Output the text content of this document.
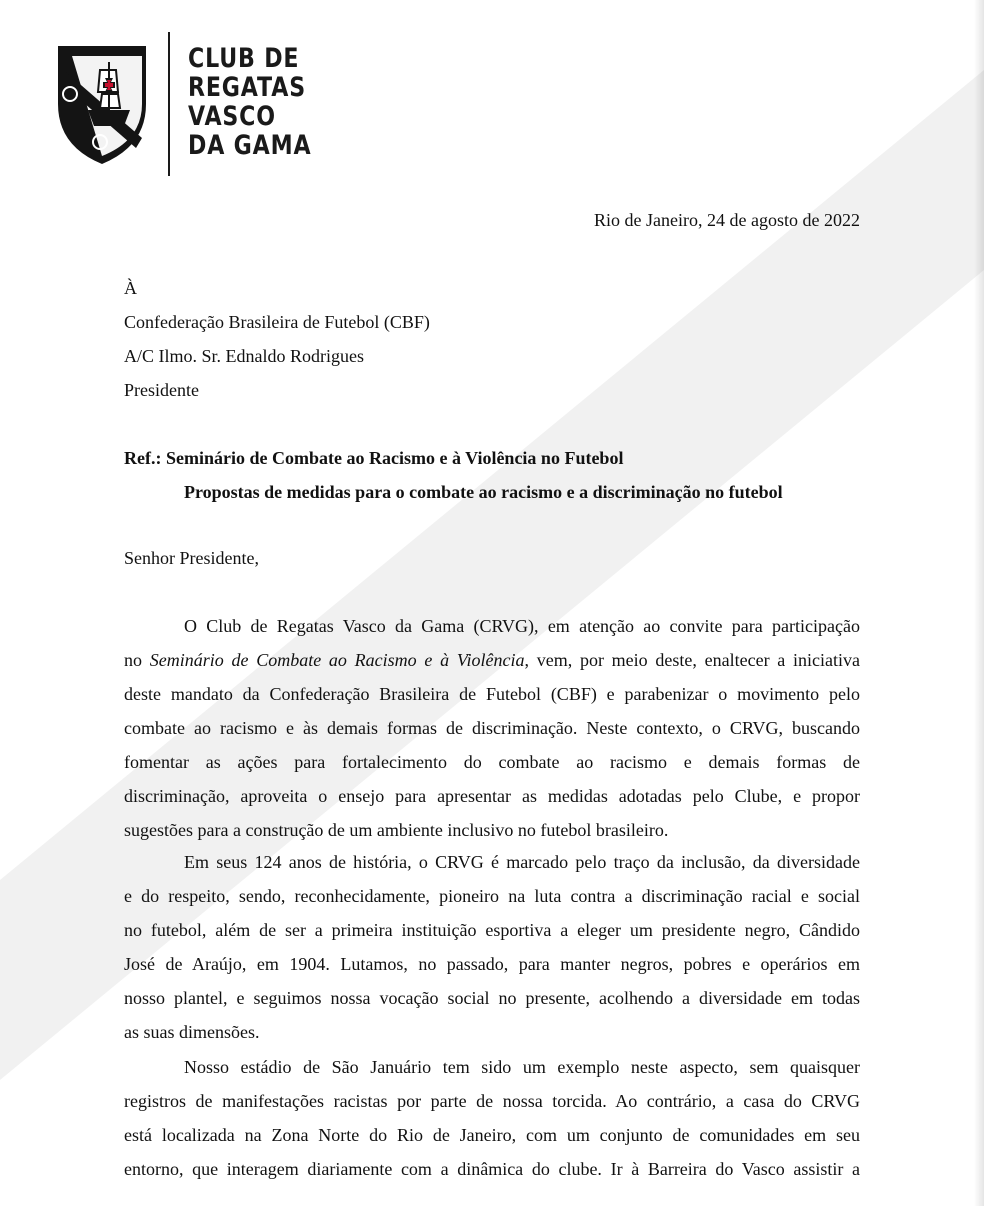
CLUB DE
REGATAS
VASCO
DA GAMA
Rio de Janeiro, 24 de agosto de 2022
À
Confederação Brasileira de Futebol (CBF)
A/C Ilmo. Sr. Ednaldo Rodrigues
Presidente
Ref.: Seminário de Combate ao Racismo e à Violência no Futebol
Propostas de medidas para o combate ao racismo e a discriminação no futebol
Senhor Presidente,
O Club de Regatas Vasco da Gama (CRVG), em atenção ao convite para participação
no Seminário de Combate ao Racismo e à Violência, vem, por meio deste, enaltecer a iniciativa
deste mandato da Confederação Brasileira de Futebol (CBF) e parabenizar o movimento pelo
combate ao racismo e às demais formas de discriminação. Neste contexto, o CRVG, buscando
fomentar as ações para fortalecimento do combate ao racismo e demais formas de
discriminação, aproveita o ensejo para apresentar as medidas adotadas pelo Clube, e propor
sugestões para a construção de um ambiente inclusivo no futebol brasileiro.
Em seus 124 anos de história, o CRVG é marcado pelo traço da inclusão, da diversidade
e do respeito, sendo, reconhecidamente, pioneiro na luta contra a discriminação racial e social
no futebol, além de ser a primeira instituição esportiva a eleger um presidente negro, Cândido
José de Araújo, em 1904. Lutamos, no passado, para manter negros, pobres e operários em
nosso plantel, e seguimos nossa vocação social no presente, acolhendo a diversidade em todas
as suas dimensões.
Nosso estádio de São Januário tem sido um exemplo neste aspecto, sem quaisquer
registros de manifestações racistas por parte de nossa torcida. Ao contrário, a casa do CRVG
está localizada na Zona Norte do Rio de Janeiro, com um conjunto de comunidades em seu
entorno, que interagem diariamente com a dinâmica do clube. Ir à Barreira do Vasco assistir a
